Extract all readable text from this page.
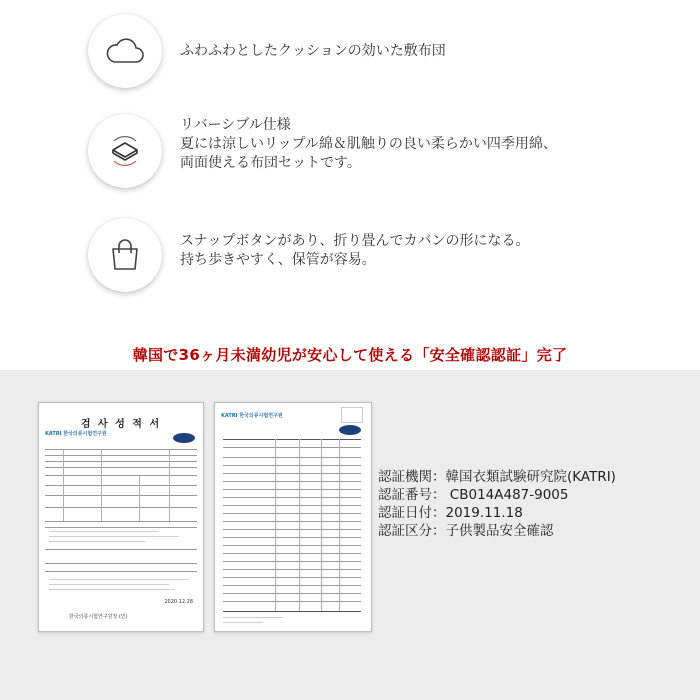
ふわふわとしたクッションの効いた敷布団
リバーシブル仕様
夏には涼しいリップル綿＆肌触りの良い柔らかい四季用綿、
両面使える布団セットです。
スナップボタンがあり、折り畳んでカバンの形になる。
持ち歩きやすく、保管が容易。
韓国で36ヶ月未満幼児が安心して使える「安全確認認証」完了
검 사 성 적 서
KATRI 한국의류시험연구원
2020.12.28
한국의류시험연구원장 (인)
KATRI 한국의류시험연구원
認証機関：韓国衣類試験研究院(KATRI)
認証番号： CB014A487-9005
認証日付：2019.11.18
認証区分：子供製品安全確認
